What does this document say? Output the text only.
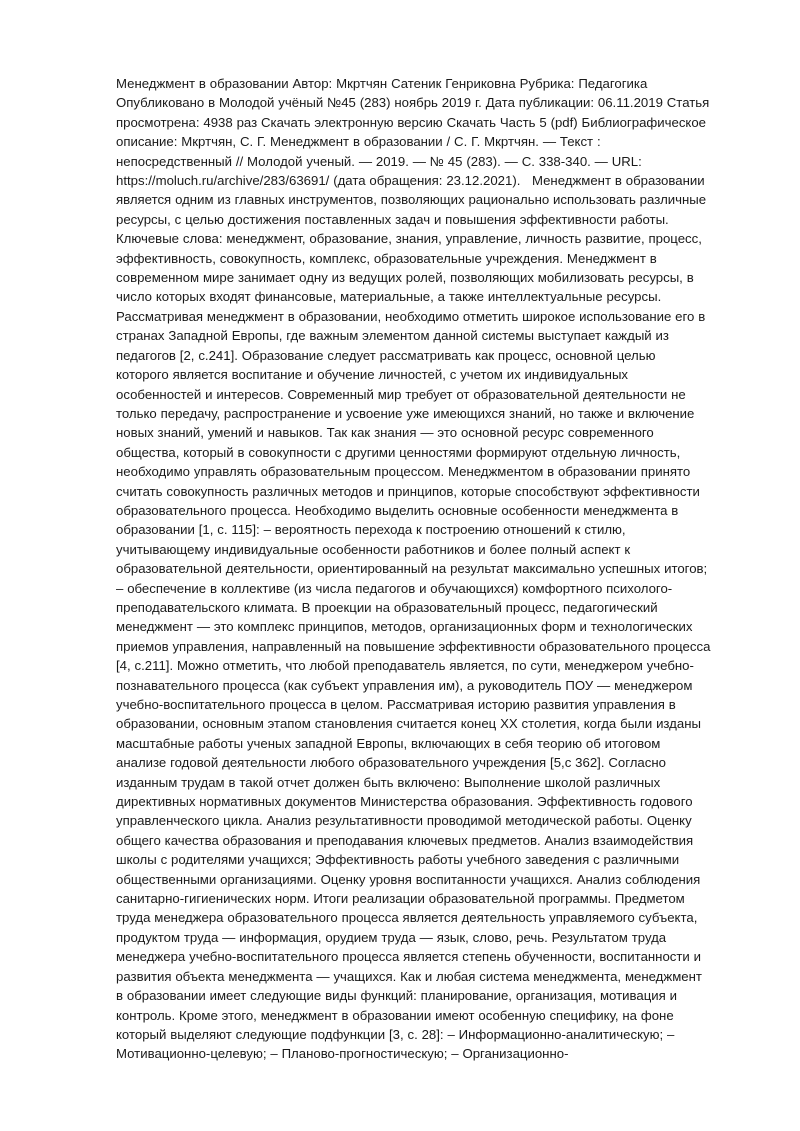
Менеджмент в образовании Автор: Мкртчян Сатеник Генриковна Рубрика: Педагогика Опубликовано в Молодой учёный №45 (283) ноябрь 2019 г. Дата публикации: 06.11.2019 Статья просмотрена: 4938 раз Скачать электронную версию Скачать Часть 5 (pdf) Библиографическое описание: Мкртчян, С. Г. Менеджмент в образовании / С. Г. Мкртчян. — Текст : непосредственный // Молодой ученый. — 2019. — № 45 (283). — С. 338-340. — URL: https://moluch.ru/archive/283/63691/ (дата обращения: 23.12.2021).   Менеджмент в образовании является одним из главных инструментов, позволяющих рационально использовать различные ресурсы, с целью достижения поставленных задач и повышения эффективности работы. Ключевые слова: менеджмент, образование, знания, управление, личность развитие, процесс, эффективность, совокупность, комплекс, образовательные учреждения. Менеджмент в современном мире занимает одну из ведущих ролей, позволяющих мобилизовать ресурсы, в число которых входят финансовые, материальные, а также интеллектуальные ресурсы. Рассматривая менеджмент в образовании, необходимо отметить широкое использование его в странах Западной Европы, где важным элементом данной системы выступает каждый из педагогов [2, с.241]. Образование следует рассматривать как процесс, основной целью которого является воспитание и обучение личностей, с учетом их индивидуальных особенностей и интересов. Современный мир требует от образовательной деятельности не только передачу, распространение и усвоение уже имеющихся знаний, но также и включение новых знаний, умений и навыков. Так как знания — это основной ресурс современного общества, который в совокупности с другими ценностями формируют отдельную личность, необходимо управлять образовательным процессом. Менеджментом в образовании принято считать совокупность различных методов и принципов, которые способствуют эффективности образовательного процесса. Необходимо выделить основные особенности менеджмента в образовании [1, с. 115]: – вероятность перехода к построению отношений к стилю, учитывающему индивидуальные особенности работников и более полный аспект к образовательной деятельности, ориентированный на результат максимально успешных итогов; – обеспечение в коллективе (из числа педагогов и обучающихся) комфортного психолого-преподавательского климата. В проекции на образовательный процесс, педагогический менеджмент — это комплекс принципов, методов, организационных форм и технологических приемов управления, направленный на повышение эффективности образовательного процесса [4, с.211]. Можно отметить, что любой преподаватель является, по сути, менеджером учебно-познавательного процесса (как субъект управления им), а руководитель ПОУ — менеджером учебно-воспитательного процесса в целом. Рассматривая историю развития управления в образовании, основным этапом становления считается конец XX столетия, когда были изданы масштабные работы ученых западной Европы, включающих в себя теорию об итоговом анализе годовой деятельности любого образовательного учреждения [5,с 362]. Согласно изданным трудам в такой отчет должен быть включено: Выполнение школой различных директивных нормативных документов Министерства образования. Эффективность годового управленческого цикла. Анализ результативности проводимой методической работы. Оценку общего качества образования и преподавания ключевых предметов. Анализ взаимодействия школы с родителями учащихся; Эффективность работы учебного заведения с различными общественными организациями. Оценку уровня воспитанности учащихся. Анализ соблюдения санитарно-гигиенических норм. Итоги реализации образовательной программы. Предметом труда менеджера образовательного процесса является деятельность управляемого субъекта, продуктом труда — информация, орудием труда — язык, слово, речь. Результатом труда менеджера учебно-воспитательного процесса является степень обученности, воспитанности и развития объекта менеджмента — учащихся. Как и любая система менеджмента, менеджмент в образовании имеет следующие виды функций: планирование, организация, мотивация и контроль. Кроме этого, менеджмент в образовании имеют особенную специфику, на фоне который выделяют следующие подфункции [3, с. 28]: – Информационно-аналитическую; – Мотивационно-целевую; – Планово-прогностическую; – Организационно-
